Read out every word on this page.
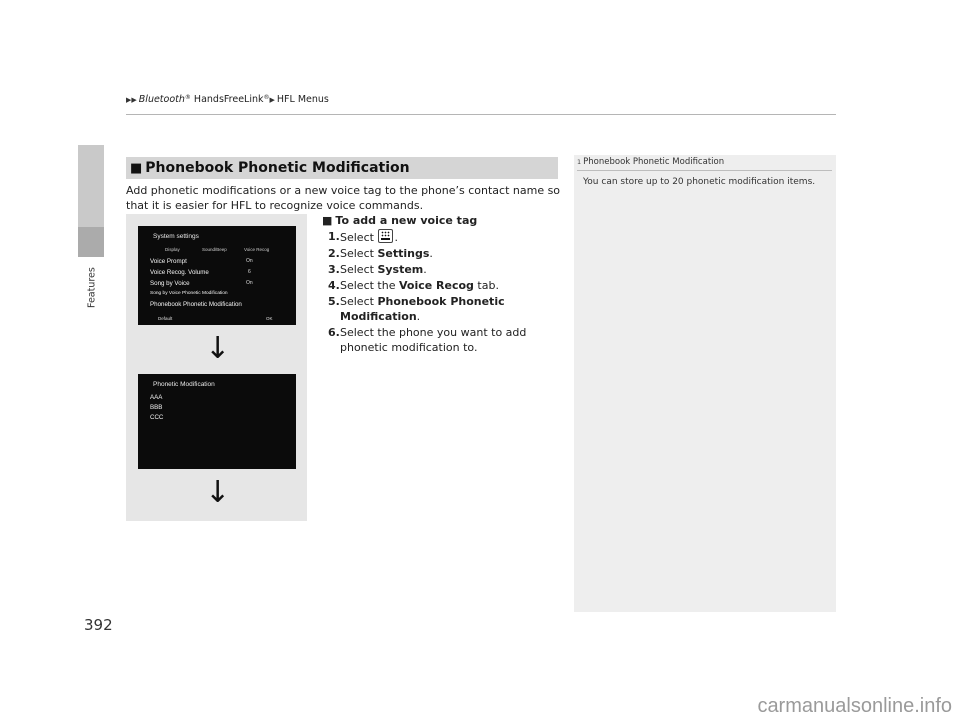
▶▶ Bluetooth® HandsFreeLink®▶ HFL Menus
Features
392
■ Phonebook Phonetic Modification
Add phonetic modifications or a new voice tag to the phone’s contact name so that it is easier for HFL to recognize voice commands.
System settings
Display	Sound/Beep	Voice Recog
Voice Prompt	On
Voice Recog. Volume	6
Song by Voice	On
Song by Voice Phonetic Modification
Phonebook Phonetic Modification
Default	OK
↓
Phonetic Modification
AAA
BBB
CCC
↓
■ To add a new voice tag
1. Select .
2. Select Settings.
3. Select System.
4. Select the Voice Recog tab.
5. Select Phonebook Phonetic Modification.
6. Select the phone you want to add phonetic modification to.
1 Phonebook Phonetic Modification
You can store up to 20 phonetic modification items.
carmanualsonline.info
